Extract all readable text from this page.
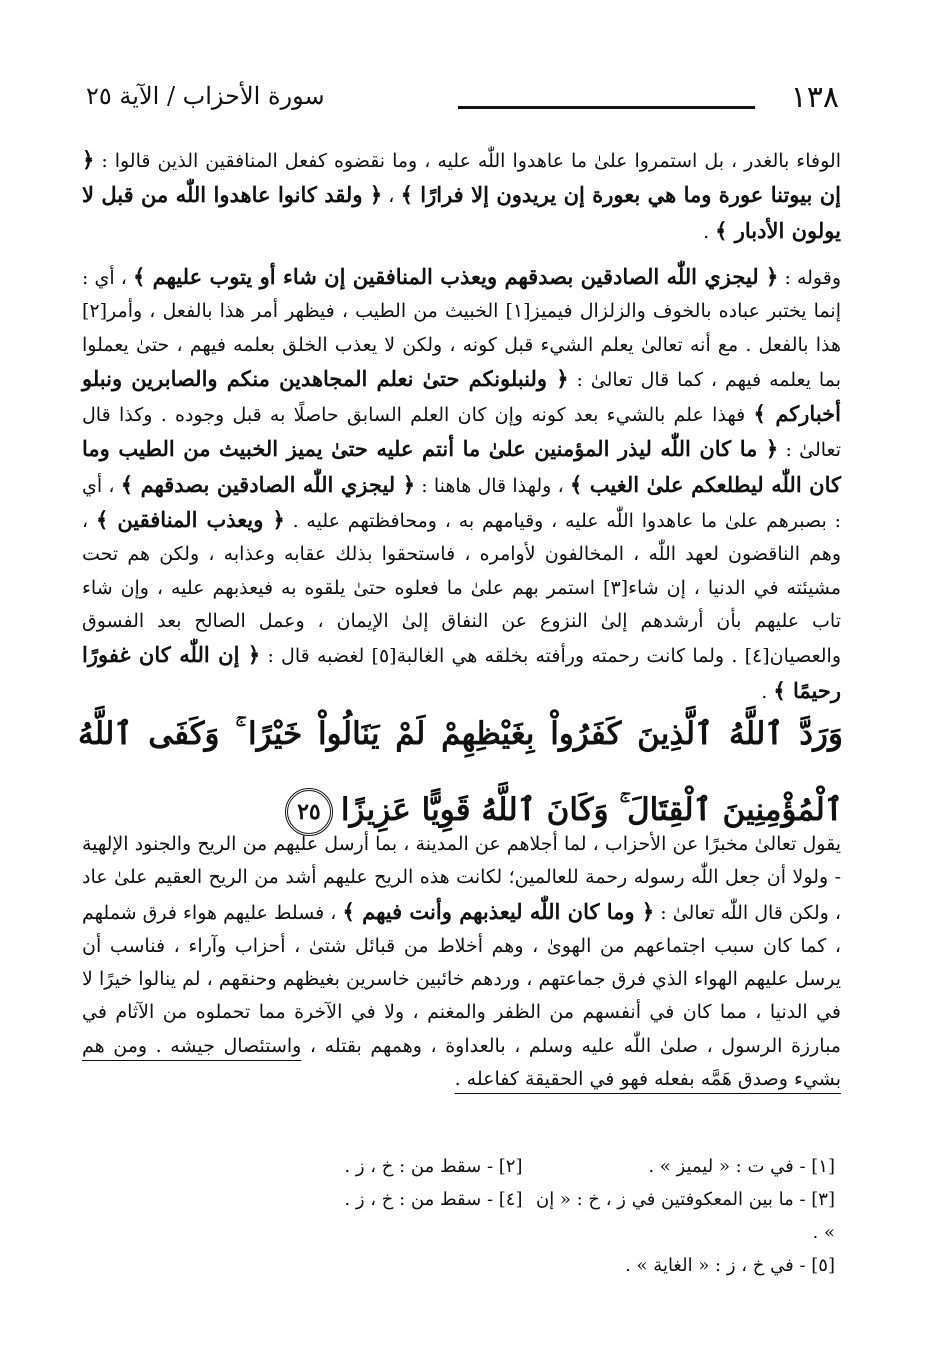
١٣٨
سورة الأحزاب / الآية ٢٥
الوفاء بالغدر ، بل استمروا علىٰ ما عاهدوا اللّٰه عليه ، وما نقضوه كفعل المنافقين الذين قالوا : ﴿ إن بيوتنا عورة وما هي بعورة إن يريدون إلا فرارًا ﴾ ، ﴿ ولقد كانوا عاهدوا اللّٰه من قبل لا يولون الأدبار ﴾ .
وقوله : ﴿ ليجزي اللّٰه الصادقين بصدقهم ويعذب المنافقين إن شاء أو يتوب عليهم ﴾ ، أي : إنما يختبر عباده بالخوف والزلزال فيميز[١] الخبيث من الطيب ، فيظهر أمر هذا بالفعل ، وأمر[٢] هذا بالفعل . مع أنه تعالىٰ يعلم الشيء قبل كونه ، ولكن لا يعذب الخلق بعلمه فيهم ، حتىٰ يعملوا بما يعلمه فيهم ، كما قال تعالىٰ : ﴿ ولنبلونكم حتىٰ نعلم المجاهدين منكم والصابرين ونبلو أخباركم ﴾ فهذا علم بالشيء بعد كونه وإن كان العلم السابق حاصلًا به قبل وجوده . وكذا قال تعالىٰ : ﴿ ما كان اللّٰه ليذر المؤمنين علىٰ ما أنتم عليه حتىٰ يميز الخبيث من الطيب وما كان اللّٰه ليطلعكم علىٰ الغيب ﴾ ، ولهذا قال هاهنا : ﴿ ليجزي اللّٰه الصادقين بصدقهم ﴾ ، أي : بصبرهم علىٰ ما عاهدوا اللّٰه عليه ، وقيامهم به ، ومحافظتهم عليه . ﴿ ويعذب المنافقين ﴾ ، وهم الناقضون لعهد اللّٰه ، المخالفون لأوامره ، فاستحقوا بذلك عقابه وعذابه ، ولكن هم تحت مشيئته في الدنيا ، إن شاء[٣] استمر بهم علىٰ ما فعلوه حتىٰ يلقوه به فيعذبهم عليه ، وإن شاء تاب عليهم بأن أرشدهم إلىٰ النزوع عن النفاق إلىٰ الإيمان ، وعمل الصالح بعد الفسوق والعصيان[٤] . ولما كانت رحمته ورأفته بخلقه هي الغالبة[٥] لغضبه قال : ﴿ إن اللّٰه كان غفورًا رحيمًا ﴾ .
وَرَدَّ ٱللَّهُ ٱلَّذِينَ كَفَرُواْ بِغَيْظِهِمْ لَمْ يَنَالُواْ خَيْرًا ۚ وَكَفَى ٱللَّهُ ٱلْمُؤْمِنِينَ ٱلْقِتَالَ ۚ وَكَانَ ٱللَّهُ قَوِيًّا عَزِيزًا٢٥
يقول تعالىٰ مخبرًا عن الأحزاب ، لما أجلاهم عن المدينة ، بما أرسل عليهم من الريح والجنود الإلهية - ولولا أن جعل اللّٰه رسوله رحمة للعالمين؛ لكانت هذه الريح عليهم أشد من الريح العقيم علىٰ عاد ، ولكن قال اللّٰه تعالىٰ : ﴿ وما كان اللّٰه ليعذبهم وأنت فيهم ﴾ ، فسلط عليهم هواء فرق شملهم ، كما كان سبب اجتماعهم من الهوىٰ ، وهم أخلاط من قبائل شتىٰ ، أحزاب وآراء ، فناسب أن يرسل عليهم الهواء الذي فرق جماعتهم ، وردهم خائبين خاسرين بغيظهم وحنقهم ، لم ينالوا خيرًا لا في الدنيا ، مما كان في أنفسهم من الظفر والمغنم ، ولا في الآخرة مما تحملوه من الآثام في مبارزة الرسول ، صلىٰ اللّٰه عليه وسلم ، بالعداوة ، وهمهم بقتله ، واستئصال جيشه . ومن هم بشيء وصدق هَمَّه بفعله فهو في الحقيقة كفاعله .
[١] - في ت : « ليميز » .
[٢] - سقط من : خ ، ز .
[٣] - ما بين المعكوفتين في ز ، خ : « إن » .
[٤] - سقط من : خ ، ز .
[٥] - في خ ، ز : « الغاية » .
